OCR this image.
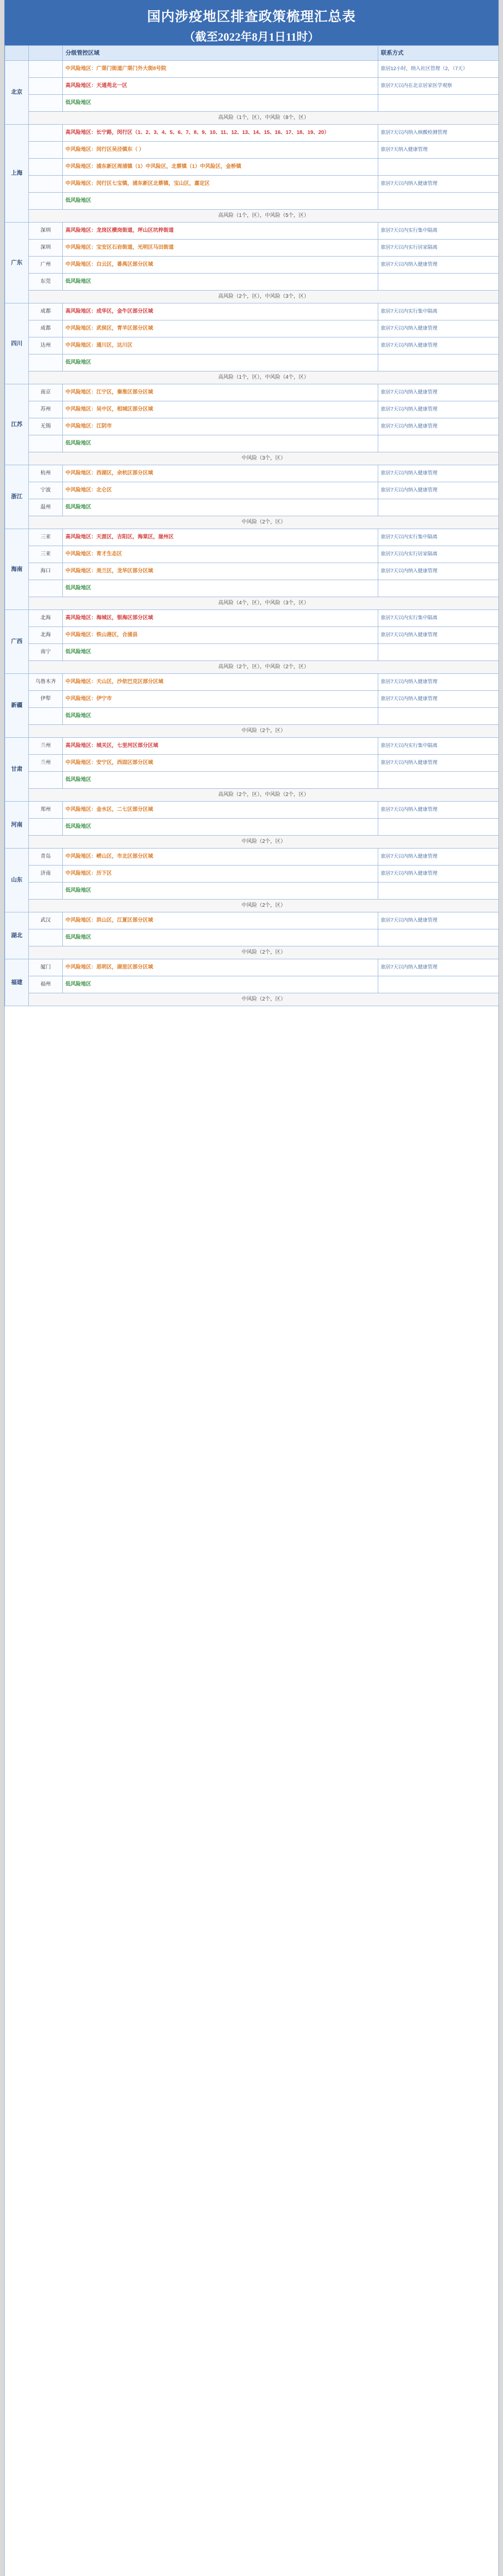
国内涉疫地区排查政策梳理汇总表
（截至2022年8月1日11时）
		分级管控区域	联系方式
北京		中风险地区：广渠门街道广渠门外大街8号院	旅居12小时，纳入社区管理（2，（7天）
		高风险地区：天通苑北一区	旅居7天以内在北京居家医学观察
		低风险地区	
	高风险（1个，区），中风险（8个，区）		
上海		高风险地区：长宁路，闵行区（1、2、3、4、5、6、7、8、9、10、11、12、13、14、15、16、17、18、19、20）	旅居7天以内纳入核酸检测管理
		中风险地区：闵行区吴泾镇东（ ）	旅居7天纳入健康管理
		中风险地区：浦东新区周浦镇（1）中风险区，北蔡镇（1）中风险区，金桥镇	
		中风险地区：闵行区七宝镇，浦东新区北蔡镇，宝山区，嘉定区	旅居7天以内纳入健康管理
		低风险地区	
	高风险（1个，区），中风险（5个，区）		
广东	深圳	高风险地区：龙岗区横岗街道，坪山区坑梓街道	旅居7天以内实行集中隔离
	深圳	中风险地区：宝安区石岩街道，光明区马田街道	旅居7天以内实行居家隔离
	广州	中风险地区：白云区，番禺区部分区域	旅居7天以内纳入健康管理
	东莞	低风险地区	
	高风险（2个，区），中风险（3个，区）		
四川	成都	高风险地区：成华区，金牛区部分区域	旅居7天以内实行集中隔离
	成都	中风险地区：武侯区，青羊区部分区域	旅居7天以内纳入健康管理
	达州	中风险地区：通川区，达川区	旅居7天以内纳入健康管理
		低风险地区	
	高风险（1个，区），中风险（4个，区）		
江苏	南京	中风险地区：江宁区，秦淮区部分区域	旅居7天以内纳入健康管理
	苏州	中风险地区：吴中区，相城区部分区域	旅居7天以内纳入健康管理
	无锡	中风险地区：江阴市	旅居7天以内纳入健康管理
		低风险地区	
	中风险（3个，区）		
浙江	杭州	中风险地区：西湖区，余杭区部分区域	旅居7天以内纳入健康管理
	宁波	中风险地区：北仑区	旅居7天以内纳入健康管理
	温州	低风险地区	
	中风险（2个，区）		
海南	三亚	高风险地区：天涯区，吉阳区，海棠区，崖州区	旅居7天以内实行集中隔离
	三亚	中风险地区：育才生态区	旅居7天以内实行居家隔离
	海口	中风险地区：美兰区，龙华区部分区域	旅居7天以内纳入健康管理
		低风险地区	
	高风险（4个，区），中风险（3个，区）		
广西	北海	高风险地区：海城区，银海区部分区域	旅居7天以内实行集中隔离
	北海	中风险地区：铁山港区，合浦县	旅居7天以内纳入健康管理
	南宁	低风险地区	
	高风险（2个，区），中风险（2个，区）		
新疆	乌鲁木齐	中风险地区：天山区，沙依巴克区部分区域	旅居7天以内纳入健康管理
	伊犁	中风险地区：伊宁市	旅居7天以内纳入健康管理
		低风险地区	
	中风险（2个，区）		
甘肃	兰州	高风险地区：城关区，七里河区部分区域	旅居7天以内实行集中隔离
	兰州	中风险地区：安宁区，西固区部分区域	旅居7天以内纳入健康管理
		低风险地区	
	高风险（2个，区），中风险（2个，区）		
河南	郑州	中风险地区：金水区，二七区部分区域	旅居7天以内纳入健康管理
		低风险地区	
	中风险（2个，区）		
山东	青岛	中风险地区：崂山区，市北区部分区域	旅居7天以内纳入健康管理
	济南	中风险地区：历下区	旅居7天以内纳入健康管理
		低风险地区	
	中风险（2个，区）		
湖北	武汉	中风险地区：洪山区，江夏区部分区域	旅居7天以内纳入健康管理
		低风险地区	
	中风险（2个，区）		
福建	厦门	中风险地区：思明区，湖里区部分区域	旅居7天以内纳入健康管理
	福州	低风险地区	
	中风险（2个，区）		
